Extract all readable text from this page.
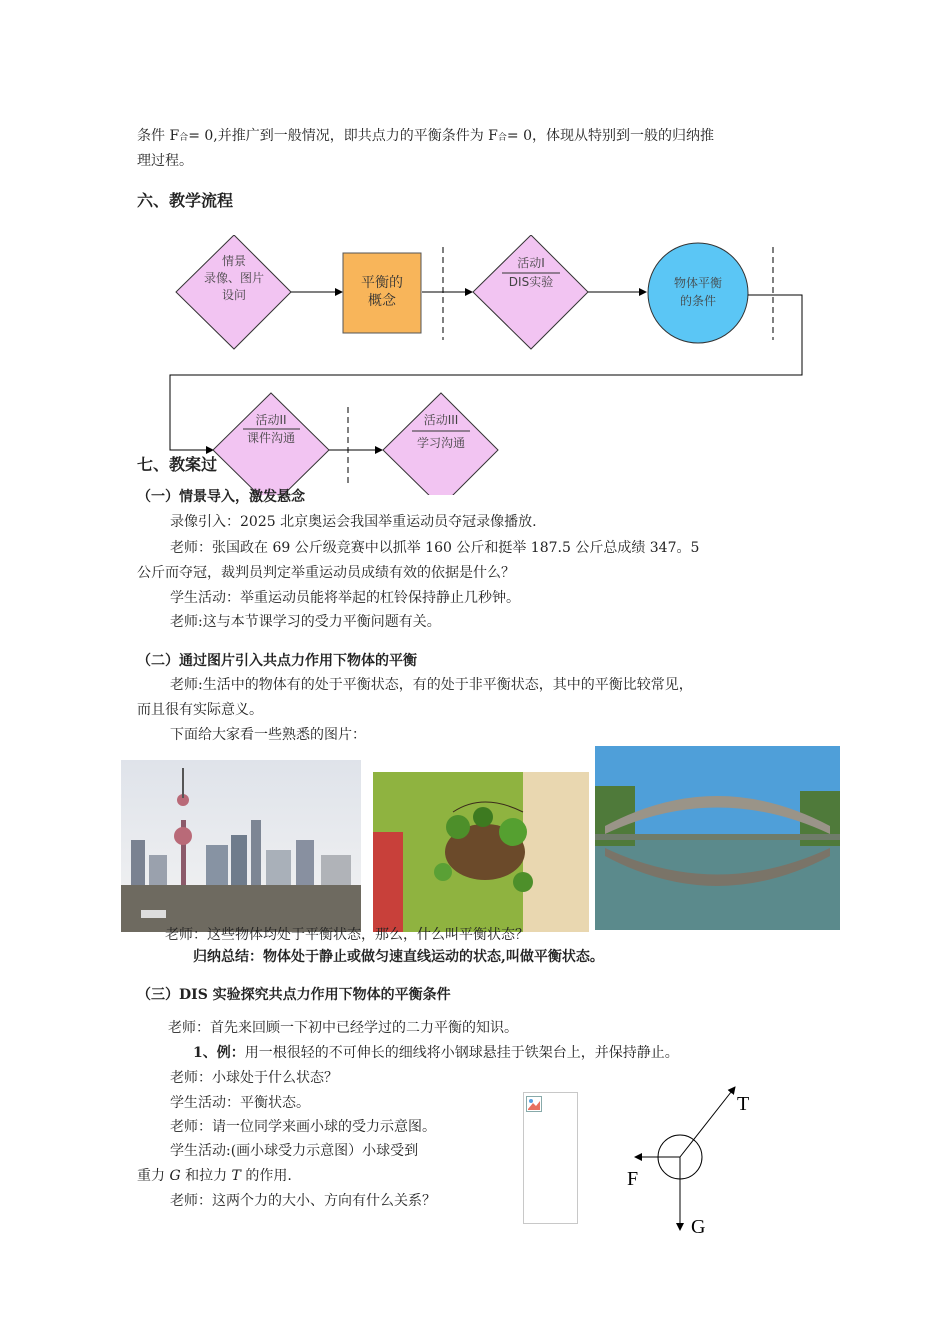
条件 F合= 0,并推广到一般情况，即共点力的平衡条件为 F合= 0，体现从特别到一般的归纳推
理过程。
六、教学流程
情景
录像、图片
设问
平衡的
概念
活动I
DIS实验	物体平衡
的条件
活动II
课件沟通
活动III
学习沟通
七、教案过
（一）情景导入，激发悬念
录像引入：2025 北京奥运会我国举重运动员夺冠录像播放.
老师：张国政在 69 公斤级竞赛中以抓举 160 公斤和挺举 187.5 公斤总成绩 347。5
公斤而夺冠，裁判员判定举重运动员成绩有效的依据是什么？
学生活动：举重运动员能将举起的杠铃保持静止几秒钟。
老师:这与本节课学习的受力平衡问题有关。
（二）通过图片引入共点力作用下物体的平衡
老师:生活中的物体有的处于平衡状态，有的处于非平衡状态，其中的平衡比较常见，
而且很有实际意义。
下面给大家看一些熟悉的图片：
老师：这些物体均处于平衡状态，那么，什么叫平衡状态？
归纳总结：物体处于静止或做匀速直线运动的状态,叫做平衡状态。
（三）DIS 实验探究共点力作用下物体的平衡条件
老师：首先来回顾一下初中已经学过的二力平衡的知识。
1、例：用一根很轻的不可伸长的细线将小钢球悬挂于铁架台上，并保持静止。
老师：小球处于什么状态？
学生活动：平衡状态。
老师：请一位同学来画小球的受力示意图。
学生活动:(画小球受力示意图）小球受到
重力 G 和拉力 T 的作用.
老师：这两个力的大小、方向有什么关系？
T
F
G
